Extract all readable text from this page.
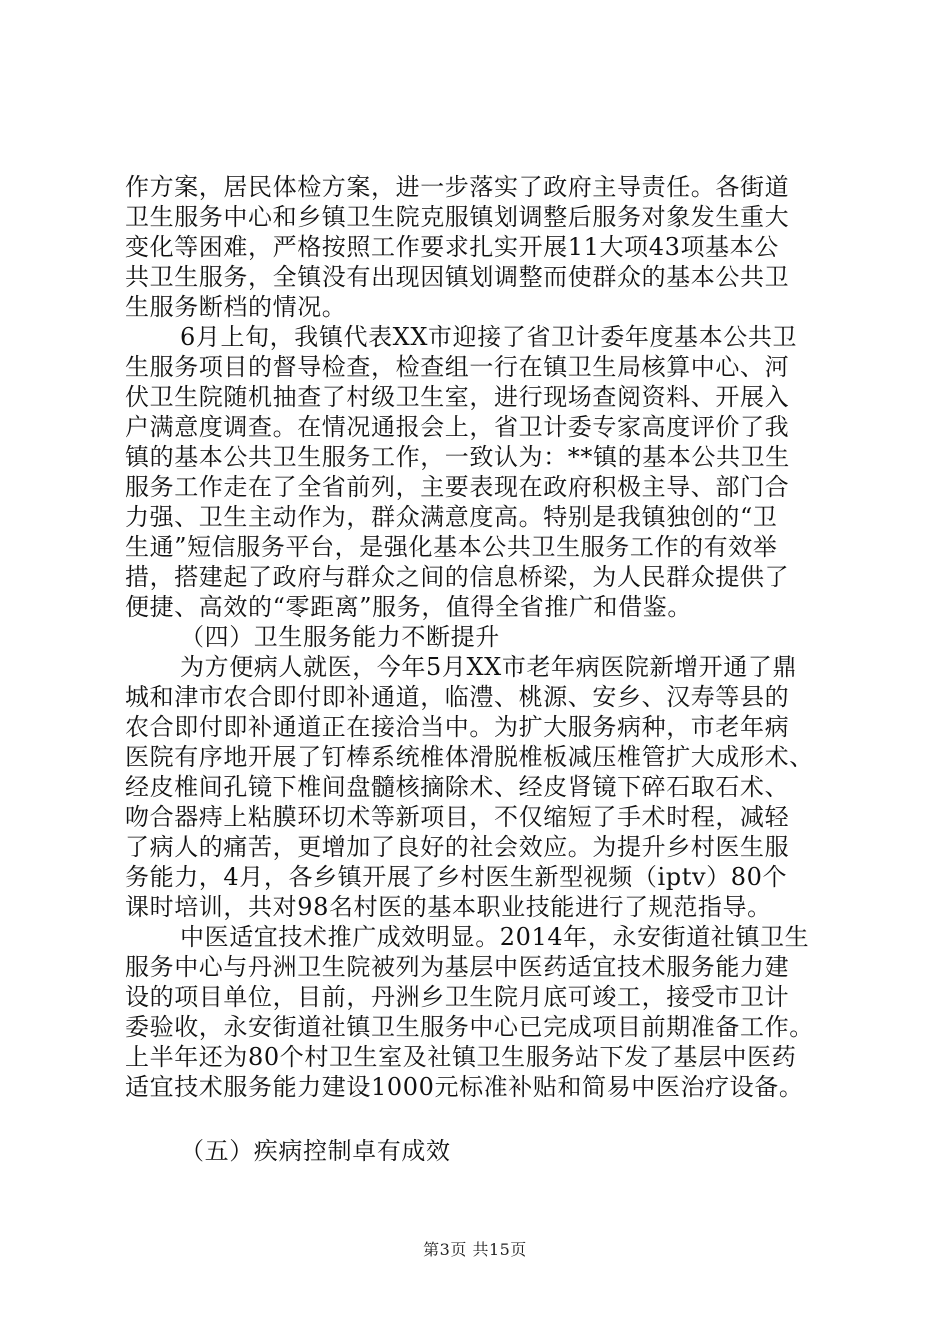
作方案，居民体检方案，进一步落实了政府主导责任。各街道
卫生服务中心和乡镇卫生院克服镇划调整后服务对象发生重大
变化等困难，严格按照工作要求扎实开展11大项43项基本公
共卫生服务，全镇没有出现因镇划调整而使群众的基本公共卫
生服务断档的情况。
6月上旬，我镇代表XX市迎接了省卫计委年度基本公共卫
生服务项目的督导检查，检查组一行在镇卫生局核算中心、河
伏卫生院随机抽查了村级卫生室，进行现场查阅资料、开展入
户满意度调查。在情况通报会上，省卫计委专家高度评价了我
镇的基本公共卫生服务工作，一致认为：**镇的基本公共卫生
服务工作走在了全省前列，主要表现在政府积极主导、部门合
力强、卫生主动作为，群众满意度高。特别是我镇独创的“卫
生通”短信服务平台，是强化基本公共卫生服务工作的有效举
措，搭建起了政府与群众之间的信息桥梁，为人民群众提供了
便捷、高效的“零距离”服务，值得全省推广和借鉴。
（四）卫生服务能力不断提升
为方便病人就医，今年5月XX市老年病医院新增开通了鼎
城和津市农合即付即补通道，临澧、桃源、安乡、汉寿等县的
农合即付即补通道正在接洽当中。为扩大服务病种，市老年病
医院有序地开展了钉棒系统椎体滑脱椎板减压椎管扩大成形术、
经皮椎间孔镜下椎间盘髓核摘除术、经皮肾镜下碎石取石术、
吻合器痔上粘膜环切术等新项目，不仅缩短了手术时程，减轻
了病人的痛苦，更增加了良好的社会效应。为提升乡村医生服
务能力，4月，各乡镇开展了乡村医生新型视频（iptv）80个
课时培训，共对98名村医的基本职业技能进行了规范指导。
中医适宜技术推广成效明显。2014年，永安街道社镇卫生
服务中心与丹洲卫生院被列为基层中医药适宜技术服务能力建
设的项目单位，目前，丹洲乡卫生院月底可竣工，接受市卫计
委验收，永安街道社镇卫生服务中心已完成项目前期准备工作。
上半年还为80个村卫生室及社镇卫生服务站下发了基层中医药
适宜技术服务能力建设1000元标准补贴和简易中医治疗设备。
（五）疾病控制卓有成效
第3页 共15页
